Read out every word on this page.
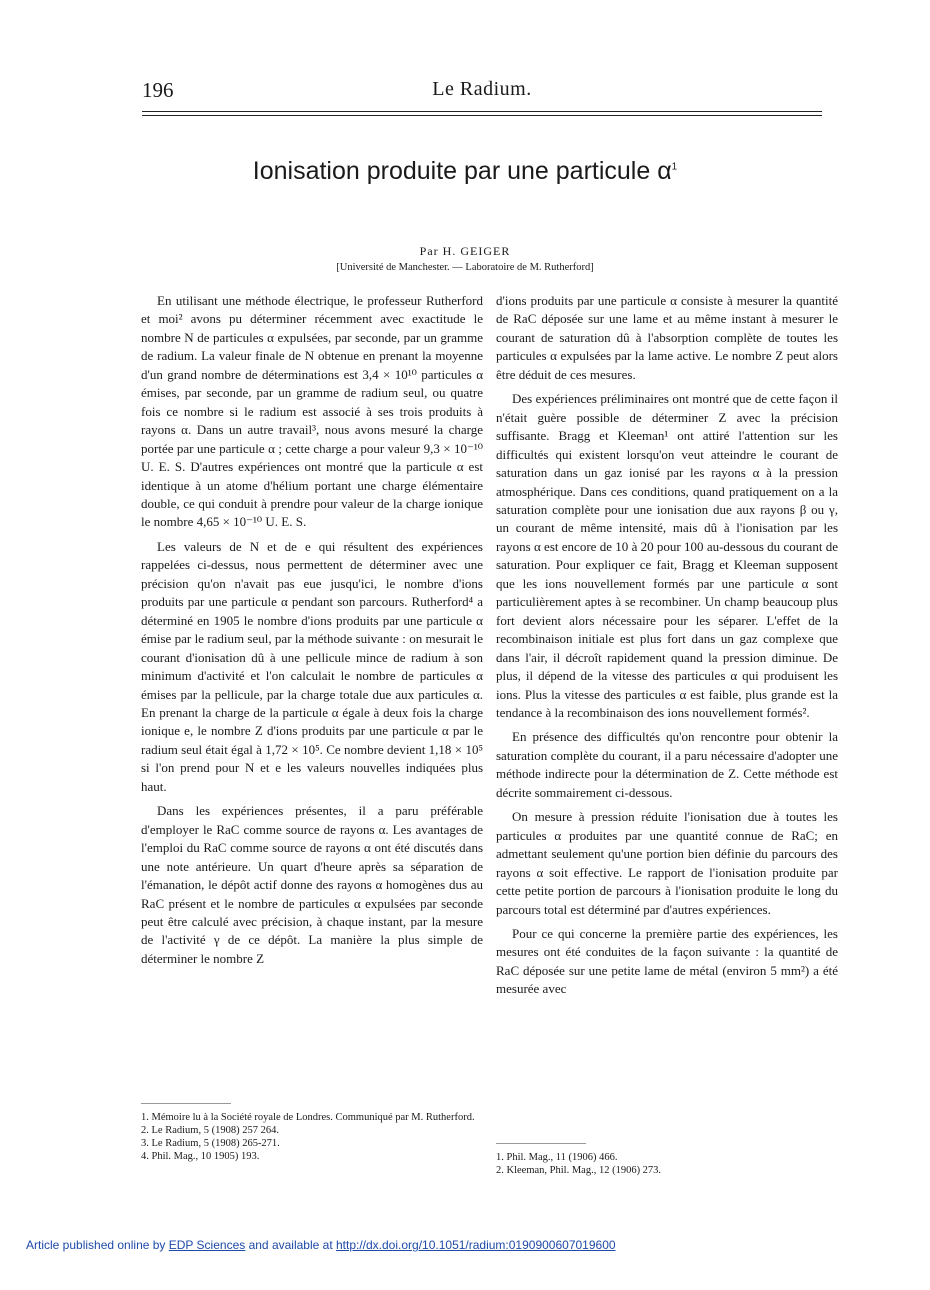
196	Le Radium.
Ionisation produite par une particule $\alpha^1$
Par H. GEIGER
[Université de Manchester. — Laboratoire de M. Rutherford]

En utilisant une méthode électrique, le professeur Rutherford et moi² avons pu déterminer récemment avec exactitude le nombre N de particules α expulsées, par seconde, par un gramme de radium. La valeur finale de N obtenue en prenant la moyenne d'un grand nombre de déterminations est 3,4 × 10¹⁰ particules α émises, par seconde, par un gramme de radium seul, ou quatre fois ce nombre si le radium est associé à ses trois produits à rayons α. Dans un autre travail³, nous avons mesuré la charge portée par une particule α ; cette charge a pour valeur 9,3 × 10⁻¹⁰ U. E. S. D'autres expériences ont montré que la particule α est identique à un atome d'hélium portant une charge élémentaire double, ce qui conduit à prendre pour valeur de la charge ionique le nombre 4,65 × 10⁻¹⁰ U. E. S.

Les valeurs de N et de e qui résultent des expériences rappelées ci-dessus, nous permettent de déterminer avec une précision qu'on n'avait pas eue jusqu'ici, le nombre d'ions produits par une particule α pendant son parcours. Rutherford⁴ a déterminé en 1905 le nombre d'ions produits par une particule α émise par le radium seul, par la méthode suivante : on mesurait le courant d'ionisation dû à une pellicule mince de radium à son minimum d'activité et l'on calculait le nombre de particules α émises par la pellicule, par la charge totale due aux particules α. En prenant la charge de la particule α égale à deux fois la charge ionique e, le nombre Z d'ions produits par une particule α par le radium seul était égal à 1,72 × 10⁵. Ce nombre devient 1,18 × 10⁵ si l'on prend pour N et e les valeurs nouvelles indiquées plus haut.

Dans les expériences présentes, il a paru préférable d'employer le RaC comme source de rayons α. Les avantages de l'emploi du RaC comme source de rayons α ont été discutés dans une note antérieure. Un quart d'heure après sa séparation de l'émanation, le dépôt actif donne des rayons α homogènes dus au RaC présent et le nombre de particules α expulsées par seconde peut être calculé avec précision, à chaque instant, par la mesure de l'activité γ de ce dépôt. La manière la plus simple de déterminer le nombre Z

d'ions produits par une particule α consiste à mesurer la quantité de RaC déposée sur une lame et au même instant à mesurer le courant de saturation dû à l'absorption complète de toutes les particules α expulsées par la lame active. Le nombre Z peut alors être déduit de ces mesures.

Des expériences préliminaires ont montré que de cette façon il n'était guère possible de déterminer Z avec la précision suffisante. Bragg et Kleeman¹ ont attiré l'attention sur les difficultés qui existent lorsqu'on veut atteindre le courant de saturation dans un gaz ionisé par les rayons α à la pression atmosphérique. Dans ces conditions, quand pratiquement on a la saturation complète pour une ionisation due aux rayons β ou γ, un courant de même intensité, mais dû à l'ionisation par les rayons α est encore de 10 à 20 pour 100 au-dessous du courant de saturation. Pour expliquer ce fait, Bragg et Kleeman supposent que les ions nouvellement formés par une particule α sont particulièrement aptes à se recombiner. Un champ beaucoup plus fort devient alors nécessaire pour les séparer. L'effet de la recombinaison initiale est plus fort dans un gaz complexe que dans l'air, il décroît rapidement quand la pression diminue. De plus, il dépend de la vitesse des particules α qui produisent les ions. Plus la vitesse des particules α est faible, plus grande est la tendance à la recombinaison des ions nouvellement formés².

En présence des difficultés qu'on rencontre pour obtenir la saturation complète du courant, il a paru nécessaire d'adopter une méthode indirecte pour la détermination de Z. Cette méthode est décrite sommairement ci-dessous.

On mesure à pression réduite l'ionisation due à toutes les particules α produites par une quantité connue de RaC; en admettant seulement qu'une portion bien définie du parcours des rayons α soit effective. Le rapport de l'ionisation produite par cette petite portion de parcours à l'ionisation produite le long du parcours total est déterminé par d'autres expériences.

Pour ce qui concerne la première partie des expériences, les mesures ont été conduites de la façon suivante : la quantité de RaC déposée sur une petite lame de métal (environ 5 mm²) a été mesurée avec

1. Mémoire lu à la Société royale de Londres. Communiqué par M. Rutherford.
2. Le Radium, 5 (1908) 257 264.
3. Le Radium, 5 (1908) 265-271.
4. Phil. Mag., 10 1905) 193.	1. Phil. Mag., 11 (1906) 466.
2. Kleeman, Phil. Mag., 12 (1906) 273.
Article published online by EDP Sciences and available at http://dx.doi.org/10.1051/radium:0190900607019600
